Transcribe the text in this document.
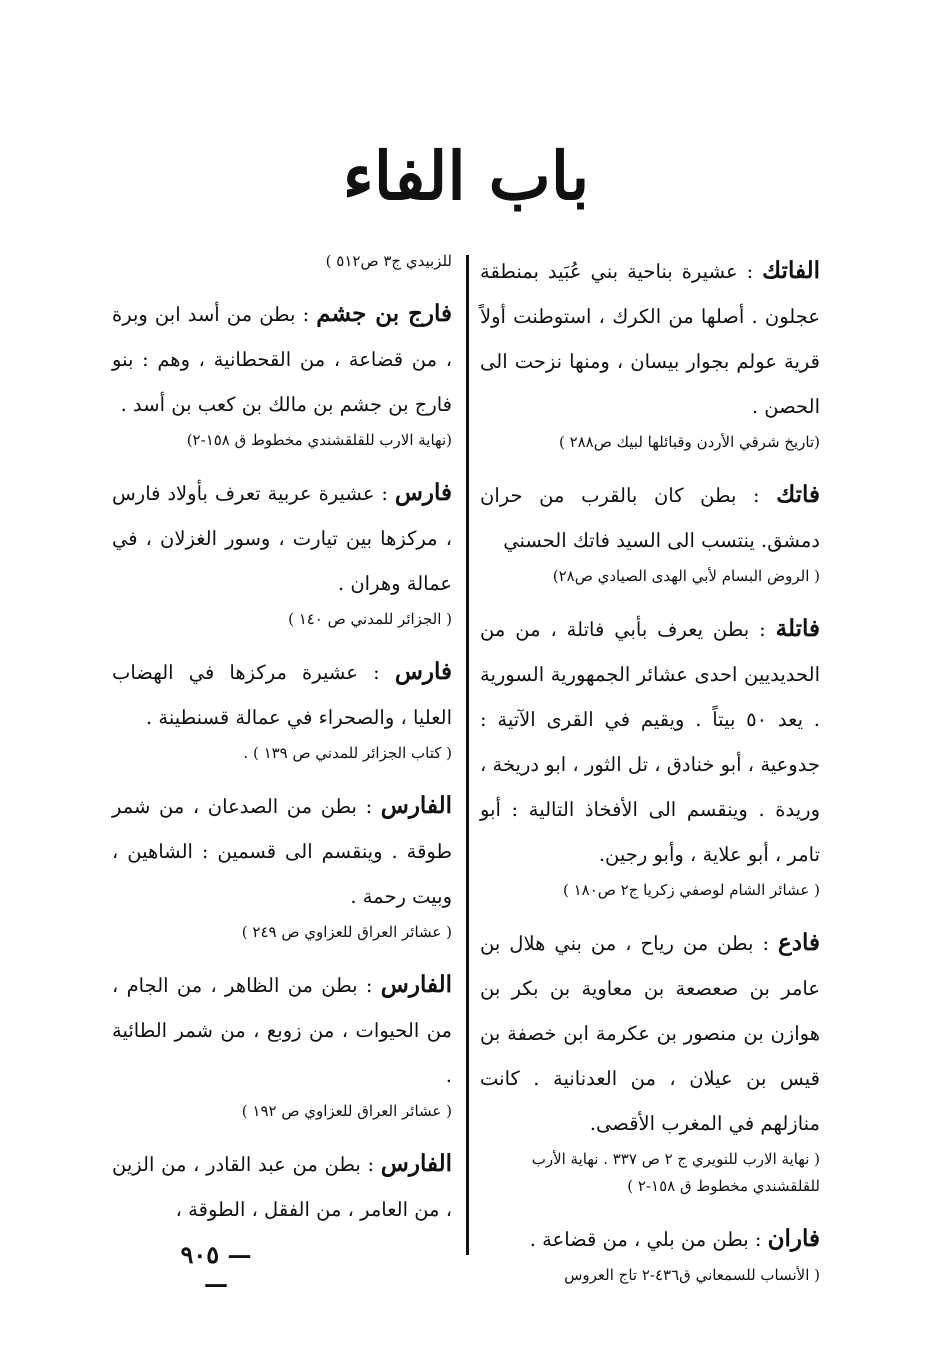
باب الفاء
الفاتك : عشيرة بناحية بني عُبَيد بمنطقة عجلون . أصلها من الكرك ، استوطنت أولاً قرية عولم بجوار بيسان ، ومنها نزحت الى الحصن .
(تاريخ شرقي الأردن وقبائلها لبيك ص٢٨٨ )
فاتك : بطن كان بالقرب من حران دمشق. ينتسب الى السيد فاتك الحسني
( الروض البسام لأبي الهدى الصيادي ص٢٨)
فاتلة : بطن يعرف بأبي فاتلة ، من من الحديديين احدى عشائر الجمهورية السورية . يعد ٥٠ بيتاً . ويقيم في القرى الآتية : جدوعية ، أبو خنادق ، تل الثور ، ابو دريخة ، وريدة . وينقسم الى الأفخاذ التالية : أبو تامر ، أبو علاية ، وأبو رجين.
( عشائر الشام لوصفي زكريا ج٢ ص١٨٠ )
فادع : بطن من رياح ، من بني هلال بن عامر بن صعصعة بن معاوية بن بكر بن هوازن بن منصور بن عكرمة ابن خصفة بن قيس بن عيلان ، من العدنانية . كانت منازلهم في المغرب الأقصى.
( نهاية الارب للنويري ج ٢ ص ٣٣٧ . نهاية الأرب للقلقشندي مخطوط ق ١٥٨-٢ )
فاران : بطن من بلي ، من قضاعة .
( الأنساب للسمعاني ق٤٣٦-٢ تاج العروس
للزبيدي ج٣ ص٥١٢ )
فارج بن جشم : بطن من أسد ابن وبرة ، من قضاعة ، من القحطانية ، وهم : بنو فارج بن جشم بن مالك بن كعب بن أسد .
(نهاية الارب للقلقشندي مخطوط ق ١٥٨-٢)
فارس : عشيرة عربية تعرف بأولاد فارس ، مركزها بين تيارت ، وسور الغزلان ، في عمالة وهران .
( الجزائر للمدني ص ١٤٠ )
فارس : عشيرة مركزها في الهضاب العليا ، والصحراء في عمالة قسنطينة .
( كتاب الجزائر للمدني ص ١٣٩ ) .
الفارس : بطن من الصدعان ، من شمر طوقة . وينقسم الى قسمين : الشاهين ، وبيت رحمة .
( عشائر العراق للعزاوي ص ٢٤٩ )
الفارس : بطن من الظاهر ، من الجام ، من الحيوات ، من زوبع ، من شمر الطائية .
( عشائر العراق للعزاوي ص ١٩٢ )
الفارس : بطن من عبد القادر ، من الزين ، من العامر ، من الفقل ، الطوقة ،
— ٩٠٥ —
